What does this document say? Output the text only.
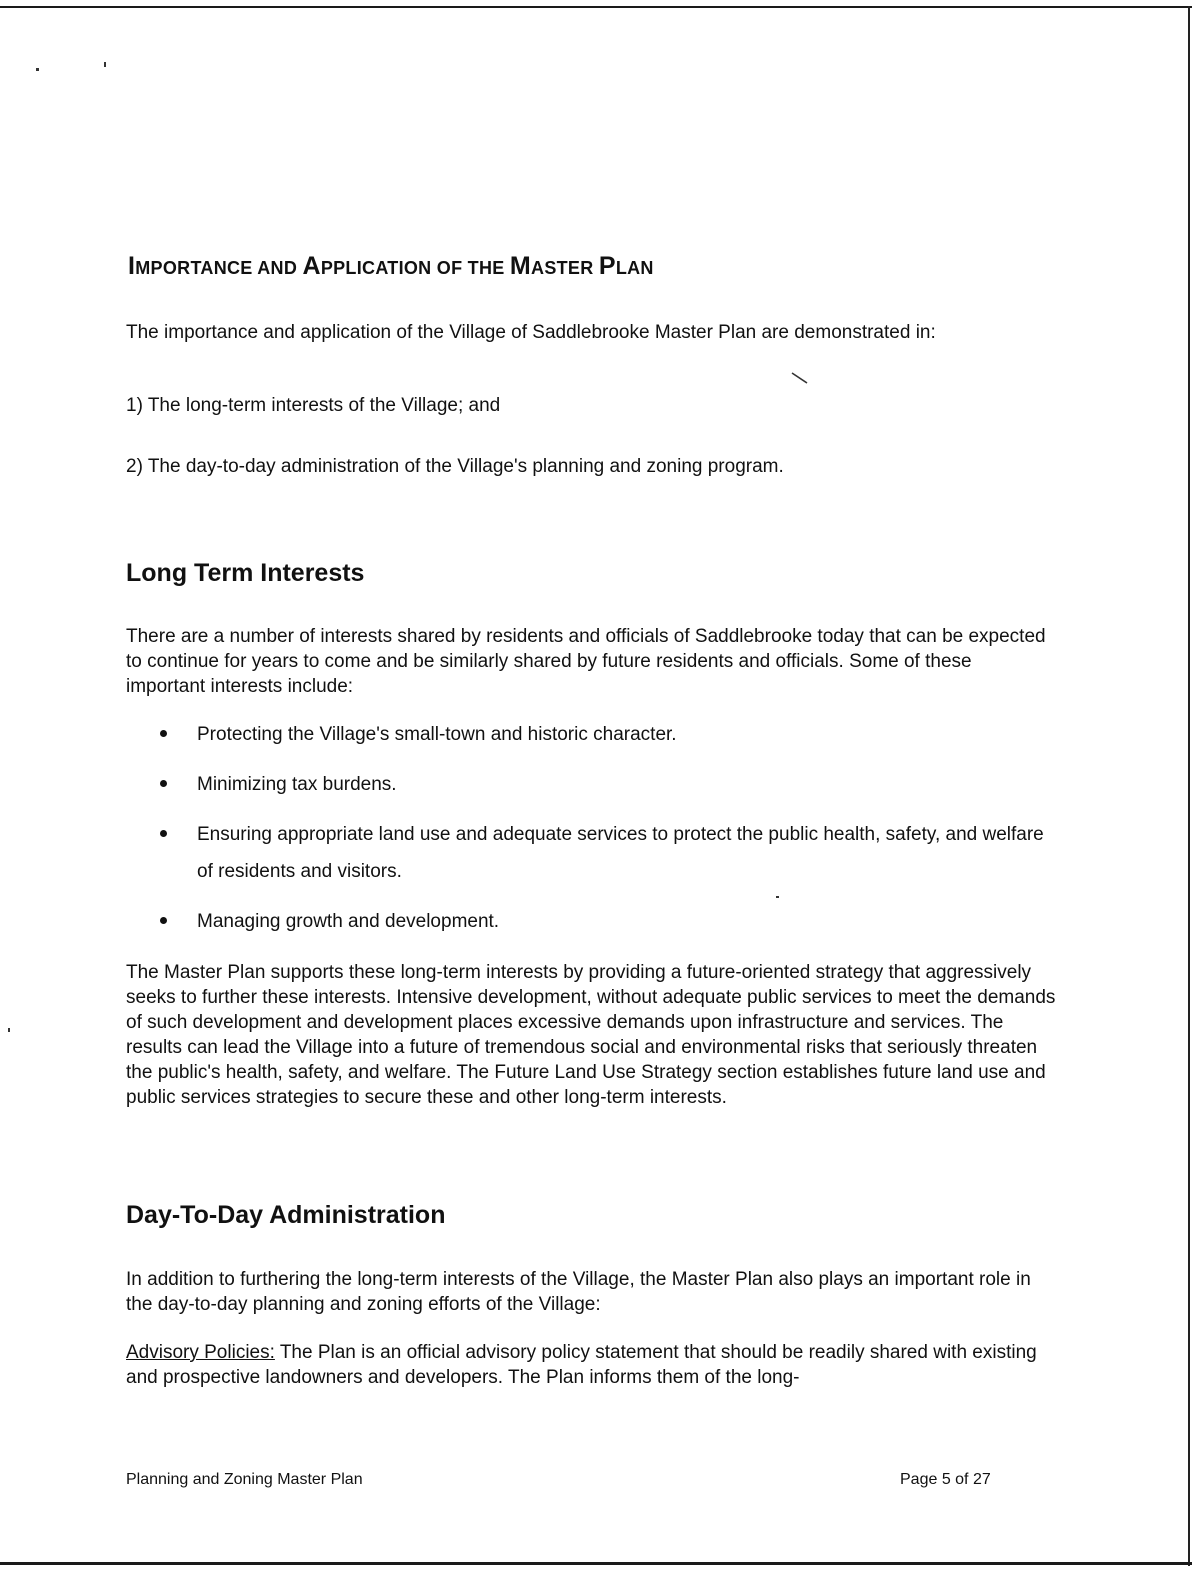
IMPORTANCE AND APPLICATION OF THE MASTER PLAN

The importance and application of the Village of Saddlebrooke Master Plan are demonstrated in:

1) The long-term interests of the Village; and

2) The day-to-day administration of the Village's planning and zoning program.

Long Term Interests

There are a number of interests shared by residents and officials of Saddlebrooke today that can be expected to continue for years to come and be similarly shared by future residents and officials. Some of these important interests include:

Protecting the Village's small-town and historic character.
Minimizing tax burdens.
Ensuring appropriate land use and adequate services to protect the public health, safety, and welfare of residents and visitors.
Managing growth and development.

The Master Plan supports these long-term interests by providing a future-oriented strategy that aggressively seeks to further these interests. Intensive development, without adequate public services to meet the demands of such development and development places excessive demands upon infrastructure and services. The results can lead the Village into a future of tremendous social and environmental risks that seriously threaten the public's health, safety, and welfare. The Future Land Use Strategy section establishes future land use and public services strategies to secure these and other long-term interests.

Day-To-Day Administration

In addition to furthering the long-term interests of the Village, the Master Plan also plays an important role in the day-to-day planning and zoning efforts of the Village:

Advisory Policies: The Plan is an official advisory policy statement that should be readily shared with existing and prospective landowners and developers. The Plan informs them of the long-

Planning and Zoning Master Plan	Page 5 of 27
